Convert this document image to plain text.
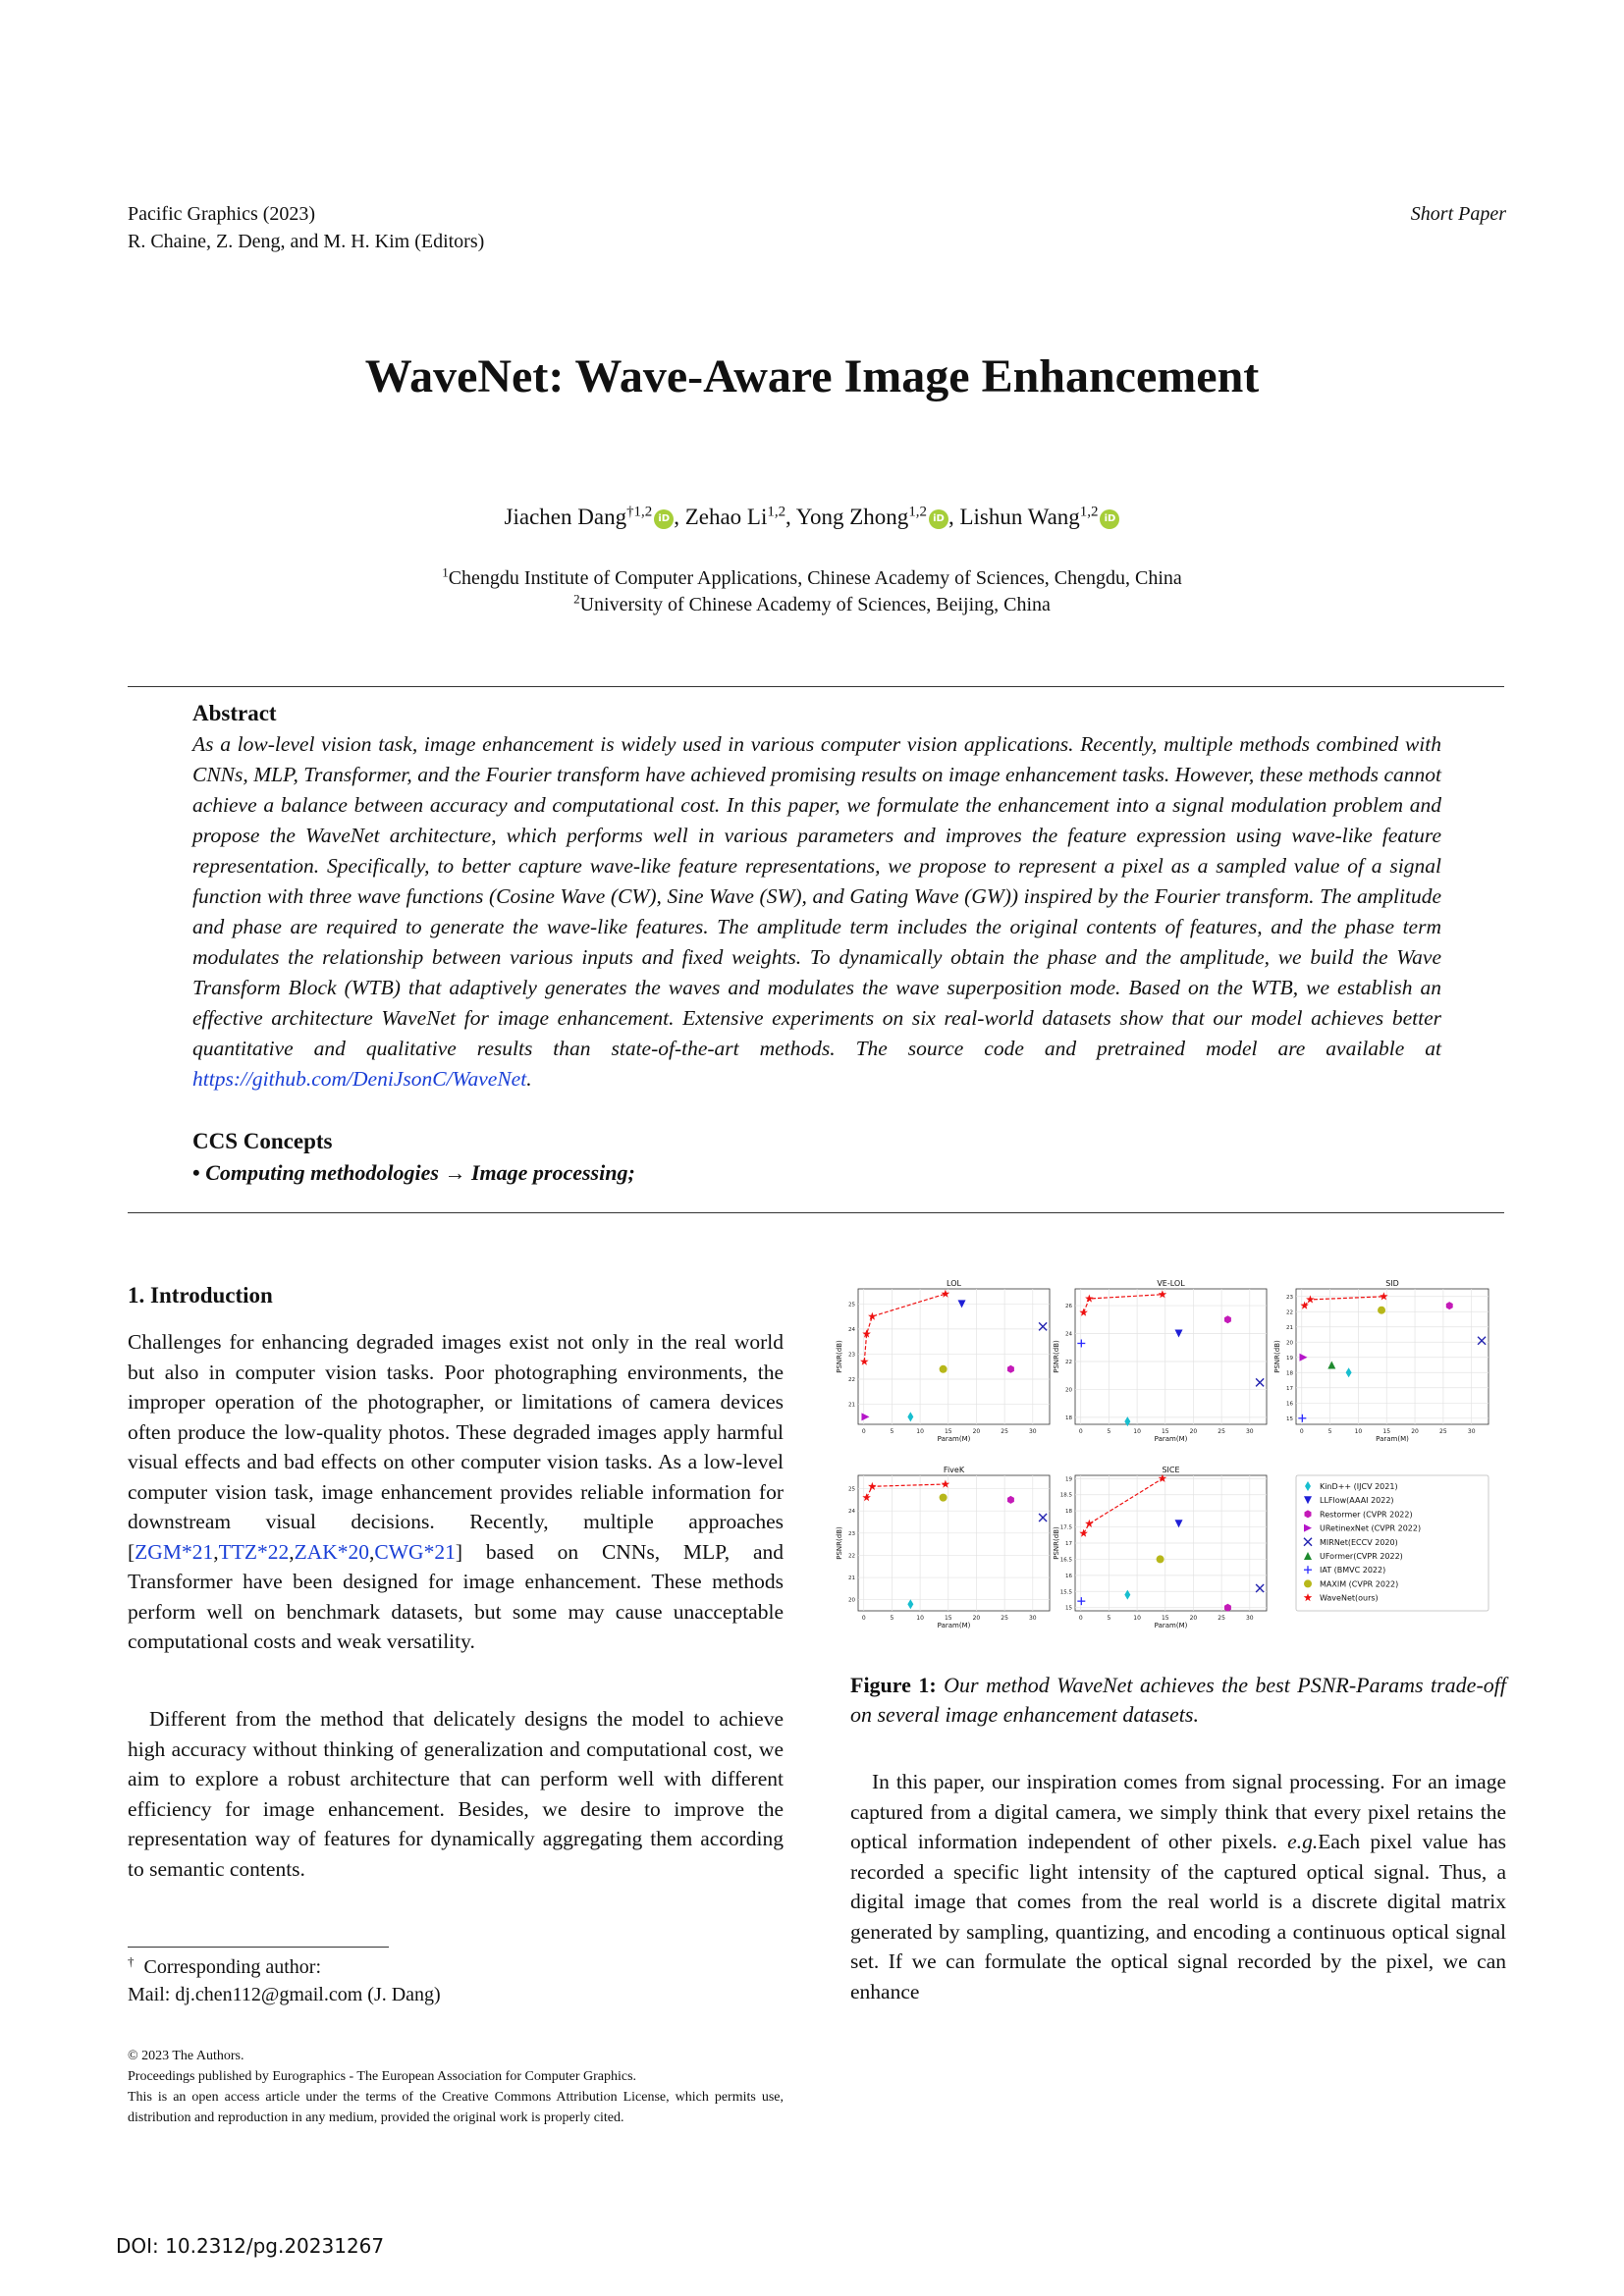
Pacific Graphics (2023)
R. Chaine, Z. Deng, and M. H. Kim (Editors)
Short Paper
WaveNet: Wave-Aware Image Enhancement
Jiachen Dang$^{\dagger 1,2}$ iD , Zehao Li$^{1,2}$, Yong Zhong$^{1,2}$ iD , Lishun Wang$^{1,2}$ iD
$^1$Chengdu Institute of Computer Applications, Chinese Academy of Sciences, Chengdu, China
$^2$University of Chinese Academy of Sciences, Beijing, China
Abstract
As a low-level vision task, image enhancement is widely used in various computer vision applications. Recently, multiple methods combined with CNNs, MLP, Transformer, and the Fourier transform have achieved promising results on image enhancement tasks. However, these methods cannot achieve a balance between accuracy and computational cost. In this paper, we formulate the enhancement into a signal modulation problem and propose the WaveNet architecture, which performs well in various parameters and improves the feature expression using wave-like feature representation. Specifically, to better capture wave-like feature representations, we propose to represent a pixel as a sampled value of a signal function with three wave functions (Cosine Wave (CW), Sine Wave (SW), and Gating Wave (GW)) inspired by the Fourier transform. The amplitude and phase are required to generate the wave-like features. The amplitude term includes the original contents of features, and the phase term modulates the relationship between various inputs and fixed weights. To dynamically obtain the phase and the amplitude, we build the Wave Transform Block (WTB) that adaptively generates the waves and modulates the wave superposition mode. Based on the WTB, we establish an effective architecture WaveNet for image enhancement. Extensive experiments on six real-world datasets show that our model achieves better quantitative and qualitative results than state-of-the-art methods. The source code and pretrained model are available at https://github.com/DeniJsonC/WaveNet.
CCS Concepts
• Computing methodologies → Image processing;
1. Introduction
Challenges for enhancing degraded images exist not only in the real world but also in computer vision tasks. Poor photographing environments, the improper operation of the photographer, or limitations of camera devices often produce the low-quality photos. These degraded images apply harmful visual effects and bad effects on other computer vision tasks. As a low-level computer vision task, image enhancement provides reliable information for downstream visual decisions. Recently, multiple approaches [ZGM*21,TTZ*22,ZAK*20,CWG*21] based on CNNs, MLP, and Transformer have been designed for image enhancement. These methods perform well on benchmark datasets, but some may cause unacceptable computational costs and weak versatility.
Different from the method that delicately designs the model to achieve high accuracy without thinking of generalization and computational cost, we aim to explore a robust architecture that can perform well with different efficiency for image enhancement. Besides, we desire to improve the representation way of features for dynamically aggregating them according to semantic contents.
† Corresponding author:
Mail: dj.chen112@gmail.com (J. Dang)
© 2023 The Authors.
Proceedings published by Eurographics - The European Association for Computer Graphics.
This is an open access article under the terms of the Creative Commons Attribution License, which permits use, distribution and reproduction in any medium, provided the original work is properly cited.
DOI: 10.2312/pg.20231267
0	5	10	15	20	25	30
21
22
23
24
25
LOL
Param(M)
PSNR(dB)
0	5	10	15	20	25	30
18
20
22
24
26
VE-LOL
Param(M)
PSNR(dB)
0	5	10	15	20	25	30
15
16
17
18
19
20
21
22
23
SID
Param(M)
PSNR(dB)
0	5	10	15	20	25	30
20
21
22
23
24
25
FiveK
Param(M)
PSNR(dB)
0	5	10	15	20	25	30
15
15.5
16
16.5
17
17.5
18
18.5
19
SICE
Param(M)
PSNR(dB)
KinD++ (IJCV 2021)
LLFlow(AAAI 2022)
Restormer (CVPR 2022)
URetinexNet (CVPR 2022)
MIRNet(ECCV 2020)
UFormer(CVPR 2022)
IAT (BMVC 2022)
MAXIM (CVPR 2022)
WaveNet(ours)
Figure 1: Our method WaveNet achieves the best PSNR-Params trade-off on several image enhancement datasets.
In this paper, our inspiration comes from signal processing. For an image captured from a digital camera, we simply think that every pixel retains the optical information independent of other pixels. e.g.Each pixel value has recorded a specific light intensity of the captured optical signal. Thus, a digital image that comes from the real world is a discrete digital matrix generated by sampling, quantizing, and encoding a continuous optical signal set. If we can formulate the optical signal recorded by the pixel, we can enhance
